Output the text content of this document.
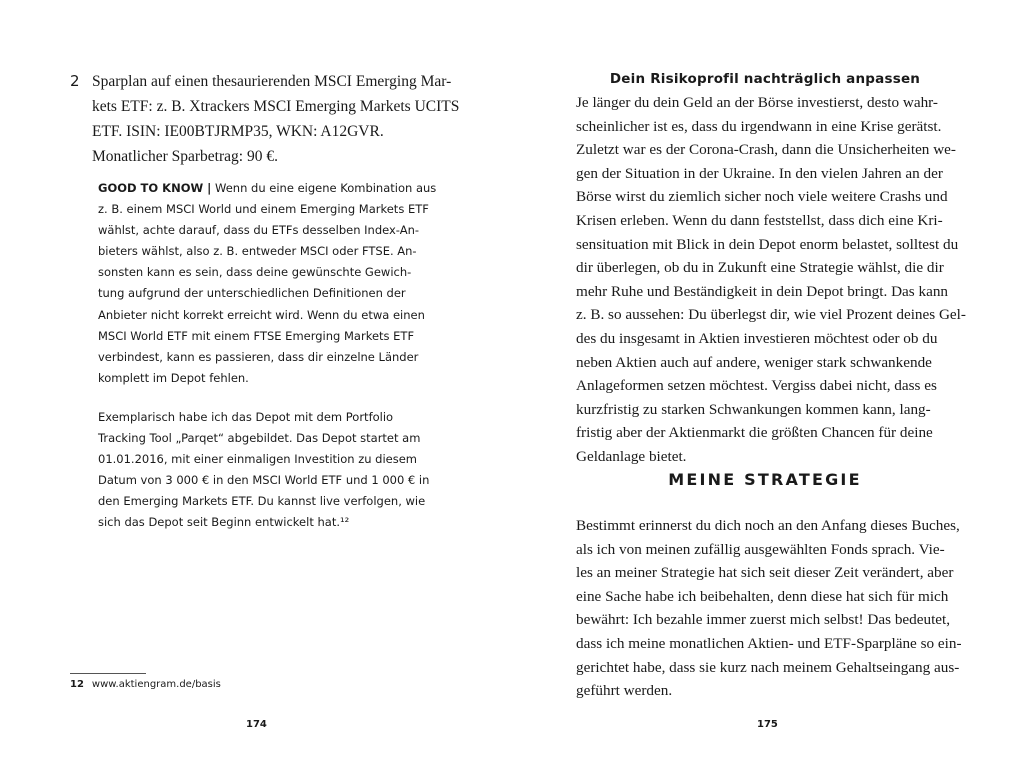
2 Sparplan auf einen thesaurierenden MSCI Emerging Mar-
kets ETF: z. B. Xtrackers MSCI Emerging Markets UCITS
ETF. ISIN: IE00BTJRMP35, WKN: A12GVR.
Monatlicher Sparbetrag: 90 €.
GOOD TO KNOW | Wenn du eine eigene Kombination aus
z. B. einem MSCI World und einem Emerging Markets ETF
wählst, achte darauf, dass du ETFs desselben Index-An-
bieters wählst, also z. B. entweder MSCI oder FTSE. An-
sonsten kann es sein, dass deine gewünschte Gewich-
tung aufgrund der unterschiedlichen Definitionen der
Anbieter nicht korrekt erreicht wird. Wenn du etwa einen
MSCI World ETF mit einem FTSE Emerging Markets ETF
verbindest, kann es passieren, dass dir einzelne Länder
komplett im Depot fehlen.
Exemplarisch habe ich das Depot mit dem Portfolio
Tracking Tool „Parqet“ abgebildet. Das Depot startet am
01.01.2016, mit einer einmaligen Investition zu diesem
Datum von 3 000 € in den MSCI World ETF und 1 000 € in
den Emerging Markets ETF. Du kannst live verfolgen, wie
sich das Depot seit Beginn entwickelt hat.¹²
12 www.aktiengram.de/basis
174
Dein Risikoprofil nachträglich anpassen
Je länger du dein Geld an der Börse investierst, desto wahr-
scheinlicher ist es, dass du irgendwann in eine Krise gerätst.
Zuletzt war es der Corona-Crash, dann die Unsicherheiten we-
gen der Situation in der Ukraine. In den vielen Jahren an der
Börse wirst du ziemlich sicher noch viele weitere Crashs und
Krisen erleben. Wenn du dann feststellst, dass dich eine Kri-
sensituation mit Blick in dein Depot enorm belastet, solltest du
dir überlegen, ob du in Zukunft eine Strategie wählst, die dir
mehr Ruhe und Beständigkeit in dein Depot bringt. Das kann
z. B. so aussehen: Du überlegst dir, wie viel Prozent deines Gel-
des du insgesamt in Aktien investieren möchtest oder ob du
neben Aktien auch auf andere, weniger stark schwankende
Anlageformen setzen möchtest. Vergiss dabei nicht, dass es
kurzfristig zu starken Schwankungen kommen kann, lang-
fristig aber der Aktienmarkt die größten Chancen für deine
Geldanlage bietet.
MEINE STRATEGIE
Bestimmt erinnerst du dich noch an den Anfang dieses Buches,
als ich von meinen zufällig ausgewählten Fonds sprach. Vie-
les an meiner Strategie hat sich seit dieser Zeit verändert, aber
eine Sache habe ich beibehalten, denn diese hat sich für mich
bewährt: Ich bezahle immer zuerst mich selbst! Das bedeutet,
dass ich meine monatlichen Aktien- und ETF-Sparpläne so ein-
gerichtet habe, dass sie kurz nach meinem Gehaltseingang aus-
geführt werden.
175
